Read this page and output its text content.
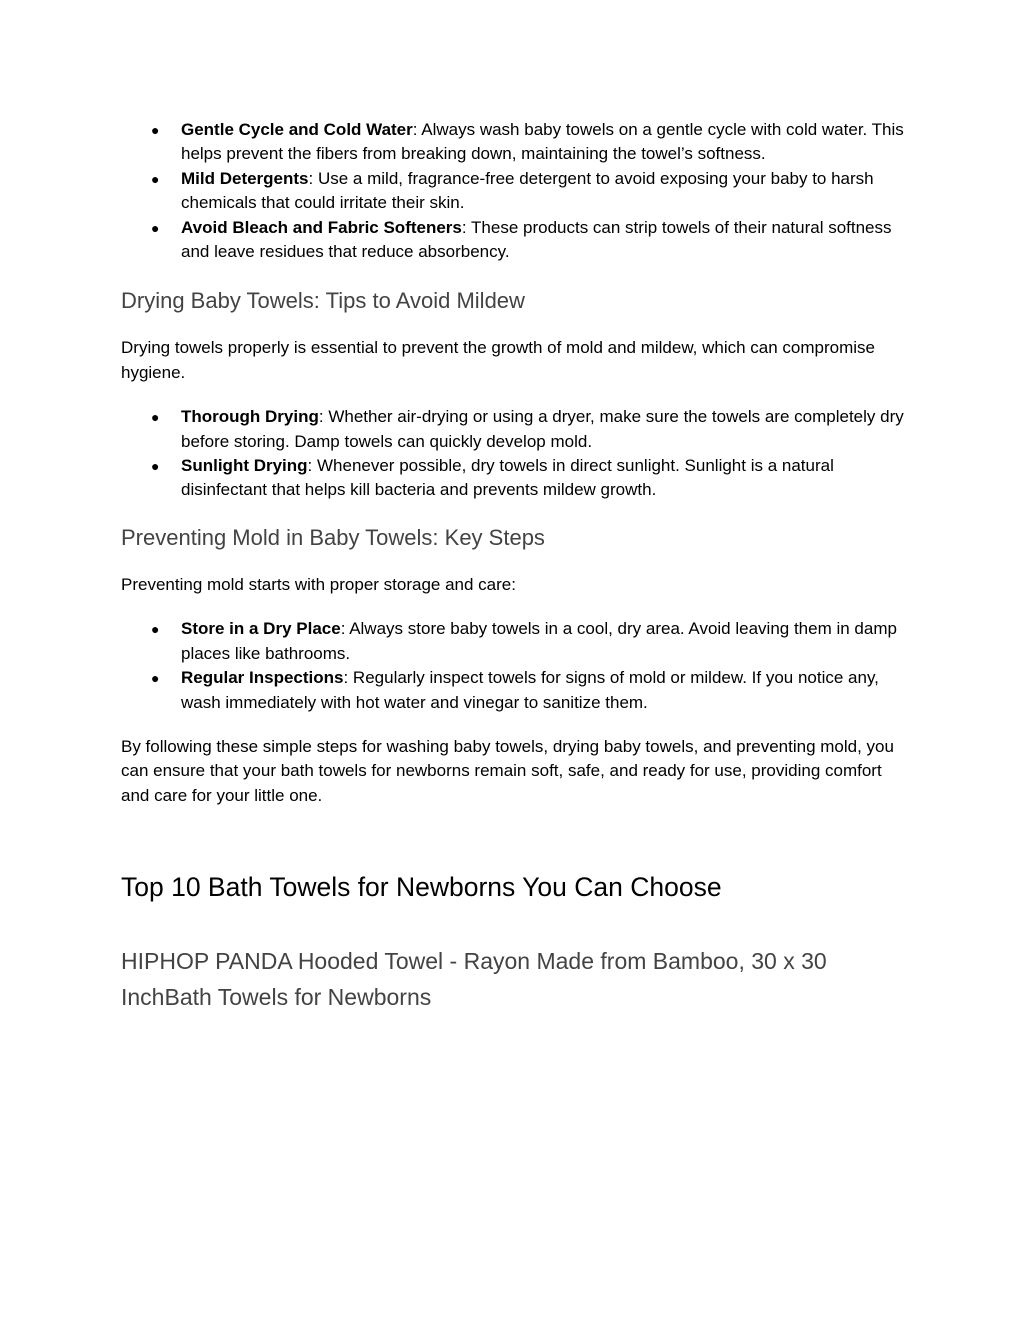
● Gentle Cycle and Cold Water: Always wash baby towels on a gentle cycle with cold water. This helps prevent the fibers from breaking down, maintaining the towel’s softness.
● Mild Detergents: Use a mild, fragrance-free detergent to avoid exposing your baby to harsh chemicals that could irritate their skin.
● Avoid Bleach and Fabric Softeners: These products can strip towels of their natural softness and leave residues that reduce absorbency.
Drying Baby Towels: Tips to Avoid Mildew

Drying towels properly is essential to prevent the growth of mold and mildew, which can compromise hygiene.

● Thorough Drying: Whether air-drying or using a dryer, make sure the towels are completely dry before storing. Damp towels can quickly develop mold.
● Sunlight Drying: Whenever possible, dry towels in direct sunlight. Sunlight is a natural disinfectant that helps kill bacteria and prevents mildew growth.
Preventing Mold in Baby Towels: Key Steps

Preventing mold starts with proper storage and care:

● Store in a Dry Place: Always store baby towels in a cool, dry area. Avoid leaving them in damp places like bathrooms.
● Regular Inspections: Regularly inspect towels for signs of mold or mildew. If you notice any, wash immediately with hot water and vinegar to sanitize them.

By following these simple steps for washing baby towels, drying baby towels, and preventing mold, you can ensure that your bath towels for newborns remain soft, safe, and ready for use, providing comfort and care for your little one.

Top 10 Bath Towels for Newborns You Can Choose
HIPHOP PANDA Hooded Towel - Rayon Made from Bamboo, 30 x 30 InchBath Towels for Newborns
